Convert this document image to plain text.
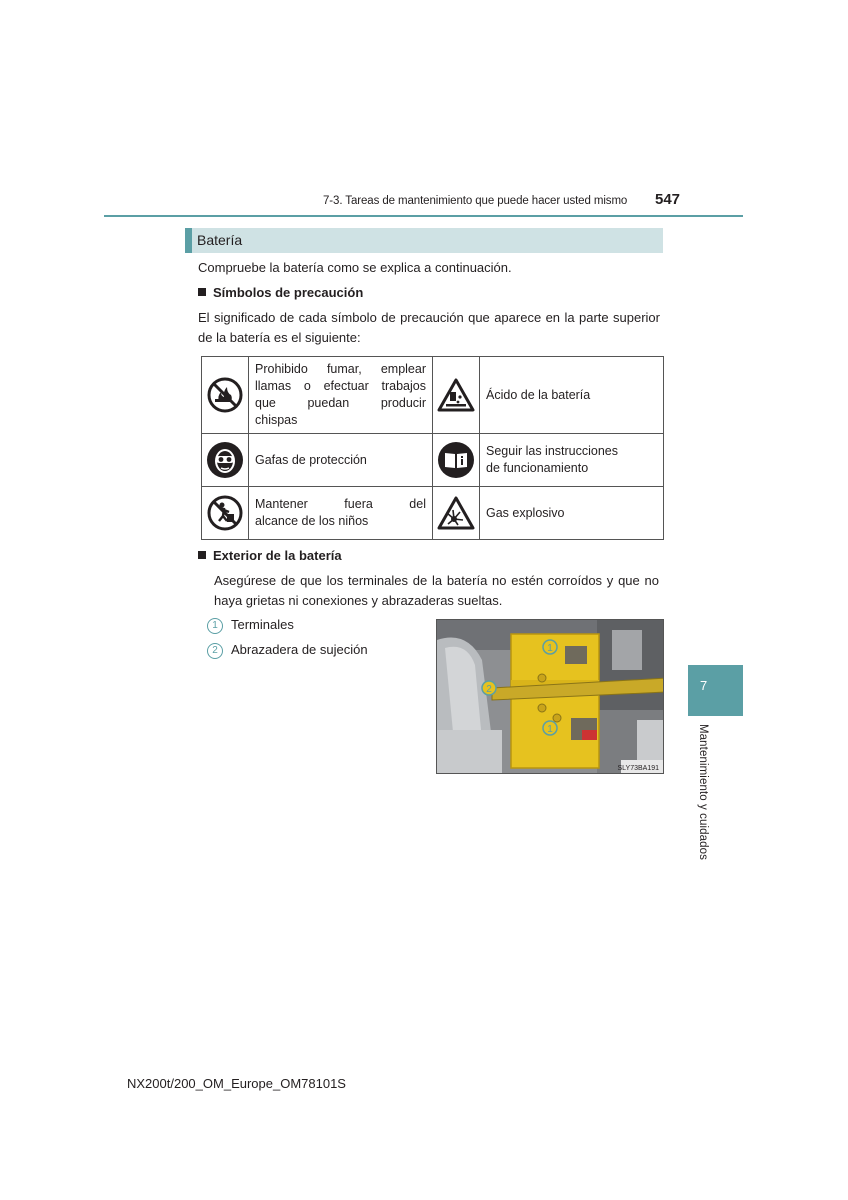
7-3. Tareas de mantenimiento que puede hacer usted mismo 547
Batería
Compruebe la batería como se explica a continuación.
Símbolos de precaución
El significado de cada símbolo de precaución que aparece en la parte superior
de la batería es el siguiente:

Prohibido fumar, emplear
llamas o efectuar trabajos
que puedan producir
chispas		Ácido de la batería

Gafas de protección		Seguir las instrucciones
de funcionamiento

Mantener fuera del
alcance de los niños		Gas explosivo
Exterior de la batería
Asegúrese de que los terminales de la batería no estén corroídos y que no
haya grietas ni conexiones y abrazaderas sueltas.
1 Terminales
2 Abrazadera de sujeción	1
2
1
SLY73BA191
7
Mantenimiento y cuidados
NX200t/200_OM_Europe_OM78101S
